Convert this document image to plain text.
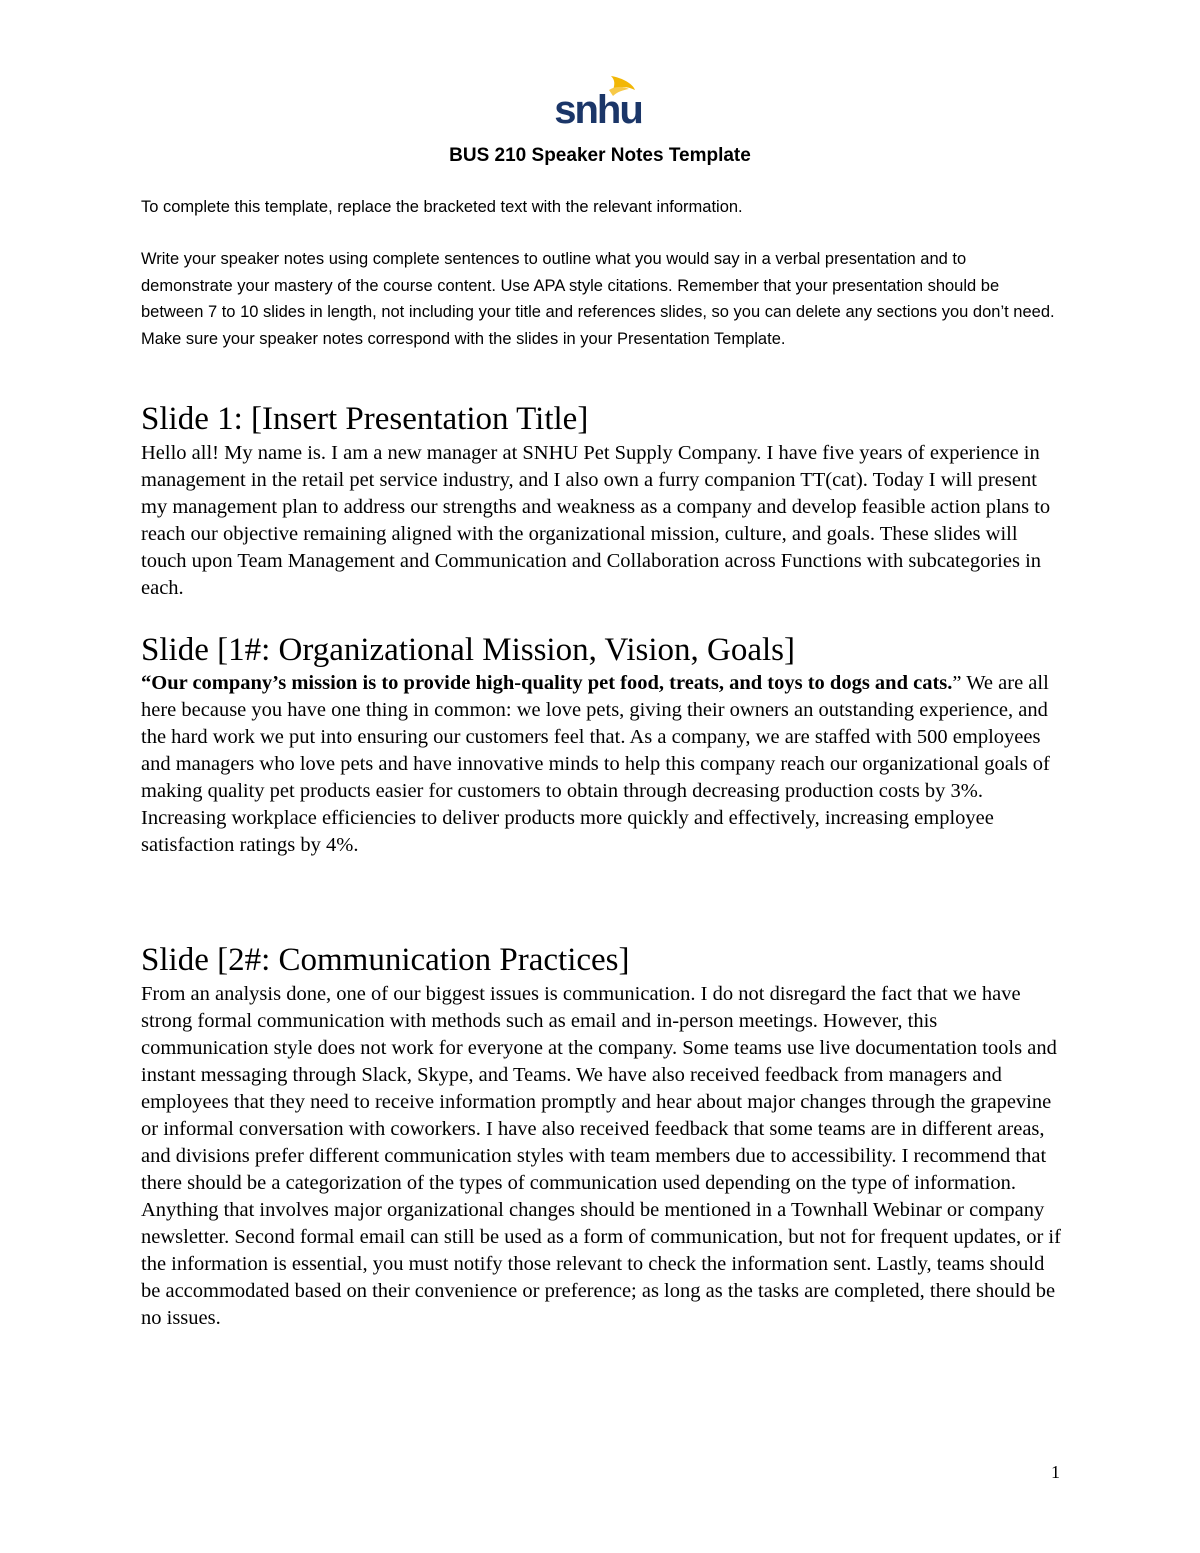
snhu
BUS 210 Speaker Notes Template
To complete this template, replace the bracketed text with the relevant information.
Write your speaker notes using complete sentences to outline what you would say in a verbal presentation and to demonstrate your mastery of the course content. Use APA style citations. Remember that your presentation should be between 7 to 10 slides in length, not including your title and references slides, so you can delete any sections you don’t need. Make sure your speaker notes correspond with the slides in your Presentation Template.
Slide 1: [Insert Presentation Title]
Hello all! My name is. I am a new manager at SNHU Pet Supply Company. I have five years of experience in management in the retail pet service industry, and I also own a furry companion TT(cat). Today I will present my management plan to address our strengths and weakness as a company and develop feasible action plans to reach our objective remaining aligned with the organizational mission, culture, and goals. These slides will touch upon Team Management and Communication and Collaboration across Functions with subcategories in each.
Slide [1#: Organizational Mission, Vision, Goals]
“Our company’s mission is to provide high-quality pet food, treats, and toys to dogs and cats.” We are all here because you have one thing in common: we love pets, giving their owners an outstanding experience, and the hard work we put into ensuring our customers feel that. As a company, we are staffed with 500 employees and managers who love pets and have innovative minds to help this company reach our organizational goals of making quality pet products easier for customers to obtain through decreasing production costs by 3%. Increasing workplace efficiencies to deliver products more quickly and effectively, increasing employee satisfaction ratings by 4%.
Slide [2#: Communication Practices]
From an analysis done, one of our biggest issues is communication. I do not disregard the fact that we have strong formal communication with methods such as email and in-person meetings. However, this communication style does not work for everyone at the company. Some teams use live documentation tools and instant messaging through Slack, Skype, and Teams. We have also received feedback from managers and employees that they need to receive information promptly and hear about major changes through the grapevine or informal conversation with coworkers. I have also received feedback that some teams are in different areas, and divisions prefer different communication styles with team members due to accessibility. I recommend that there should be a categorization of the types of communication used depending on the type of information. Anything that involves major organizational changes should be mentioned in a Townhall Webinar or company newsletter. Second formal email can still be used as a form of communication, but not for frequent updates, or if the information is essential, you must notify those relevant to check the information sent. Lastly, teams should be accommodated based on their convenience or preference; as long as the tasks are completed, there should be no issues.
1
